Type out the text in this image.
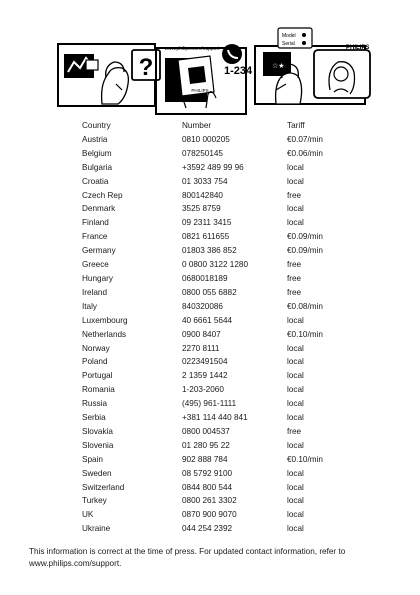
?
www.philips.com/support
PHILIPS
1-234	☆★
Model
Serial
PHILIPS
Country	Number	Tariff
Austria	0810 000205	€0.07/min
Belgium	078250145	€0.06/min
Bulgaria	+3592 489 99 96	local
Croatia	01 3033 754	local
Czech Rep	800142840	free
Denmark	3525 8759	local
Finland	09 2311 3415	local
France	0821 611655	€0.09/min
Germany	01803 386 852	€0.09/min
Greece	0 0800 3122 1280	free
Hungary	0680018189	free
Ireland	0800 055 6882	free
Italy	840320086	€0.08/min
Luxembourg	40 6661 5644	local
Netherlands	0900 8407	€0.10/min
Norway	2270 8111	local
Poland	0223491504	local
Portugal	2 1359 1442	local
Romania	1-203-2060	local
Russia	(495) 961-1111	local
Serbia	+381 114 440 841	local
Slovakia	0800 004537	free
Slovenia	01 280 95 22	local
Spain	902 888 784	€0.10/min
Sweden	08 5792 9100	local
Switzerland	0844 800 544	local
Turkey	0800 261 3302	local
UK	0870 900 9070	local
Ukraine	044 254 2392	local

This information is correct at the time of press. For updated contact information, refer to www.philips.com/support.
